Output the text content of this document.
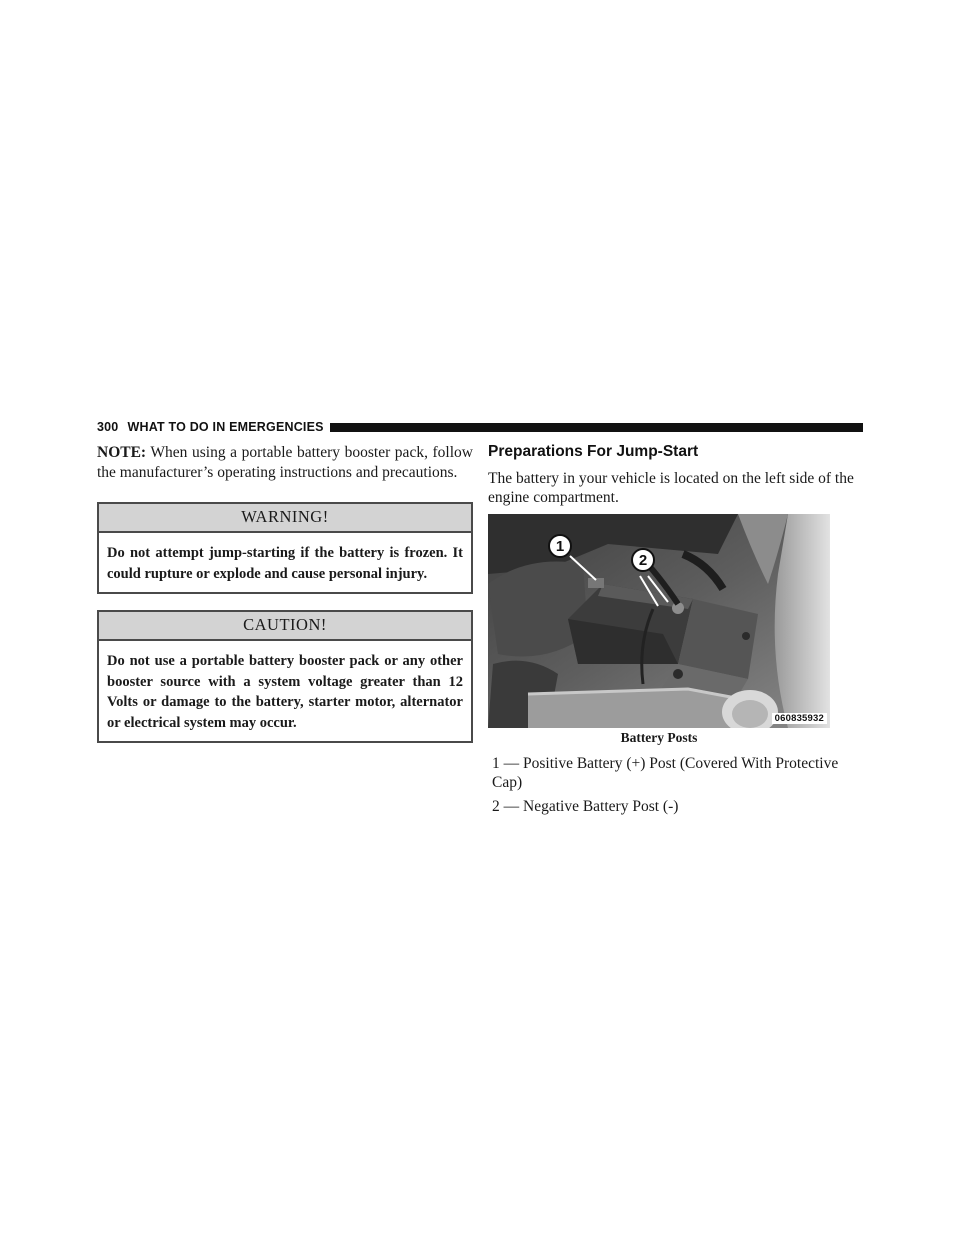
300 WHAT TO DO IN EMERGENCIES

NOTE: When using a portable battery booster pack, follow the manufacturer’s operating instructions and precautions.

WARNING!
Do not attempt jump-starting if the battery is frozen. It could rupture or explode and cause personal injury.
CAUTION!
Do not use a portable battery booster pack or any other booster source with a system voltage greater than 12 Volts or damage to the battery, starter motor, alternator or electrical system may occur.
Preparations For Jump-Start

The battery in your vehicle is located on the left side of the engine compartment.

1
2
060835932
Battery Posts

1 — Positive Battery (+) Post (Covered With Protective Cap)

2 — Negative Battery Post (-)
